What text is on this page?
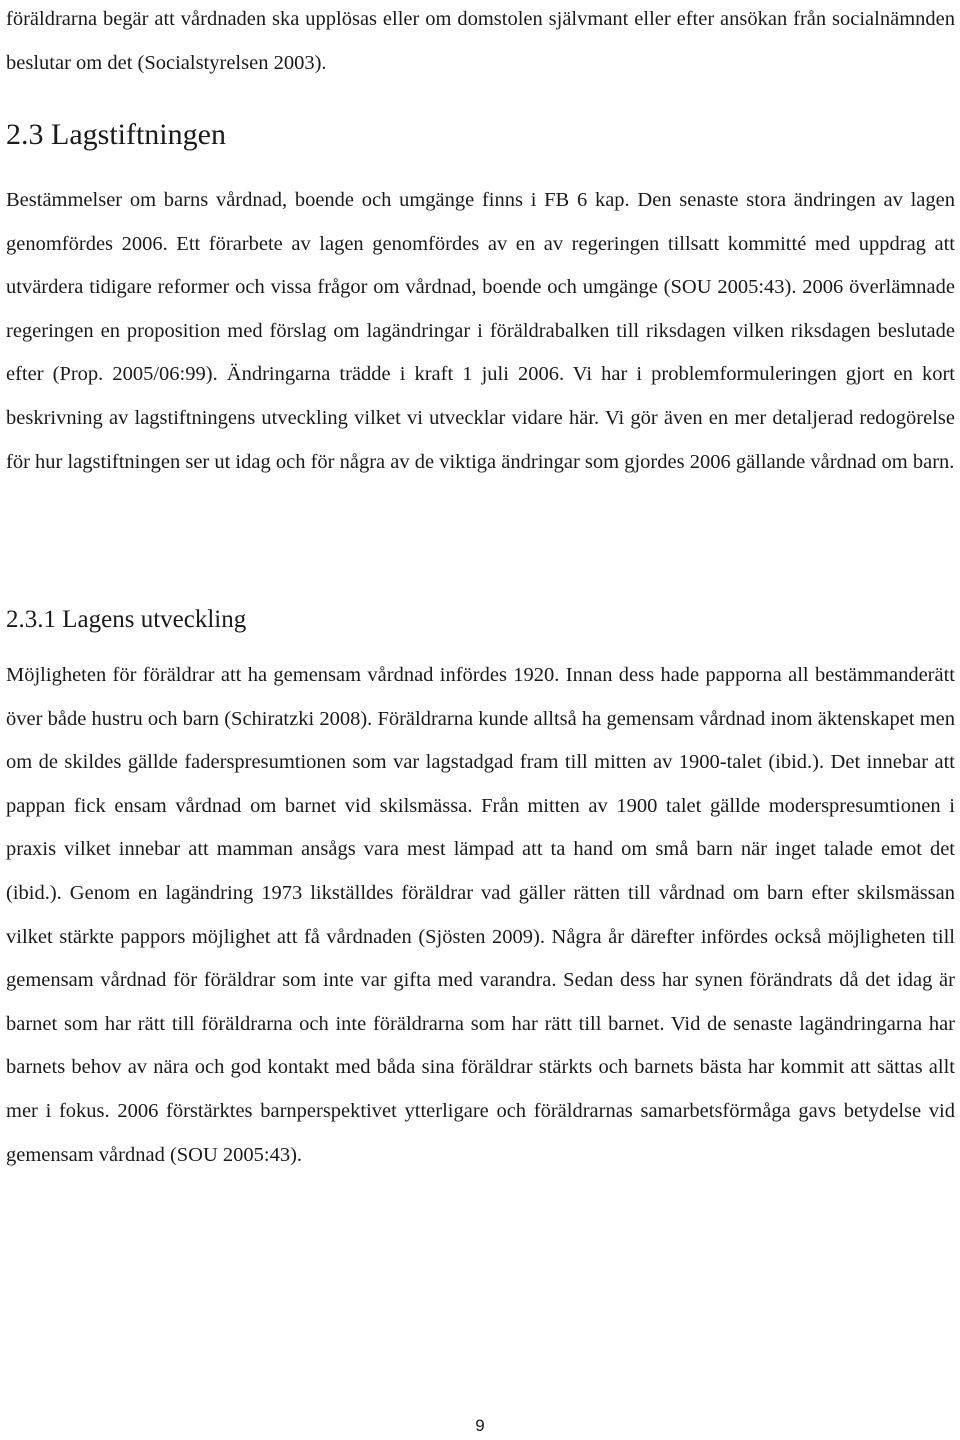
föräldrarna begär att vårdnaden ska upplösas eller om domstolen självmant eller efter ansökan från socialnämnden beslutar om det (Socialstyrelsen 2003).

2.3 Lagstiftningen

Bestämmelser om barns vårdnad, boende och umgänge finns i FB 6 kap. Den senaste stora ändringen av lagen genomfördes 2006. Ett förarbete av lagen genomfördes av en av regeringen tillsatt kommitté med uppdrag att utvärdera tidigare reformer och vissa frågor om vårdnad, boende och umgänge (SOU 2005:43). 2006 överlämnade regeringen en proposition med förslag om lagändringar i föräldrabalken till riksdagen vilken riksdagen beslutade efter (Prop. 2005/06:99). Ändringarna trädde i kraft 1 juli 2006. Vi har i problemformuleringen gjort en kort beskrivning av lagstiftningens utveckling vilket vi utvecklar vidare här. Vi gör även en mer detaljerad redogörelse för hur lagstiftningen ser ut idag och för några av de viktiga ändringar som gjordes 2006 gällande vårdnad om barn.

2.3.1 Lagens utveckling

Möjligheten för föräldrar att ha gemensam vårdnad infördes 1920. Innan dess hade papporna all bestämmanderätt över både hustru och barn (Schiratzki 2008). Föräldrarna kunde alltså ha gemensam vårdnad inom äktenskapet men om de skildes gällde faderspresumtionen som var lagstadgad fram till mitten av 1900-talet (ibid.). Det innebar att pappan fick ensam vårdnad om barnet vid skilsmässa. Från mitten av 1900 talet gällde moderspresumtionen i praxis vilket innebar att mamman ansågs vara mest lämpad att ta hand om små barn när inget talade emot det (ibid.). Genom en lagändring 1973 likställdes föräldrar vad gäller rätten till vårdnad om barn efter skilsmässan vilket stärkte pappors möjlighet att få vårdnaden (Sjösten 2009). Några år därefter infördes också möjligheten till gemensam vårdnad för föräldrar som inte var gifta med varandra. Sedan dess har synen förändrats då det idag är barnet som har rätt till föräldrarna och inte föräldrarna som har rätt till barnet. Vid de senaste lagändringarna har barnets behov av nära och god kontakt med båda sina föräldrar stärkts och barnets bästa har kommit att sättas allt mer i fokus. 2006 förstärktes barnperspektivet ytterligare och föräldrarnas samarbetsförmåga gavs betydelse vid gemensam vårdnad (SOU 2005:43).

9
